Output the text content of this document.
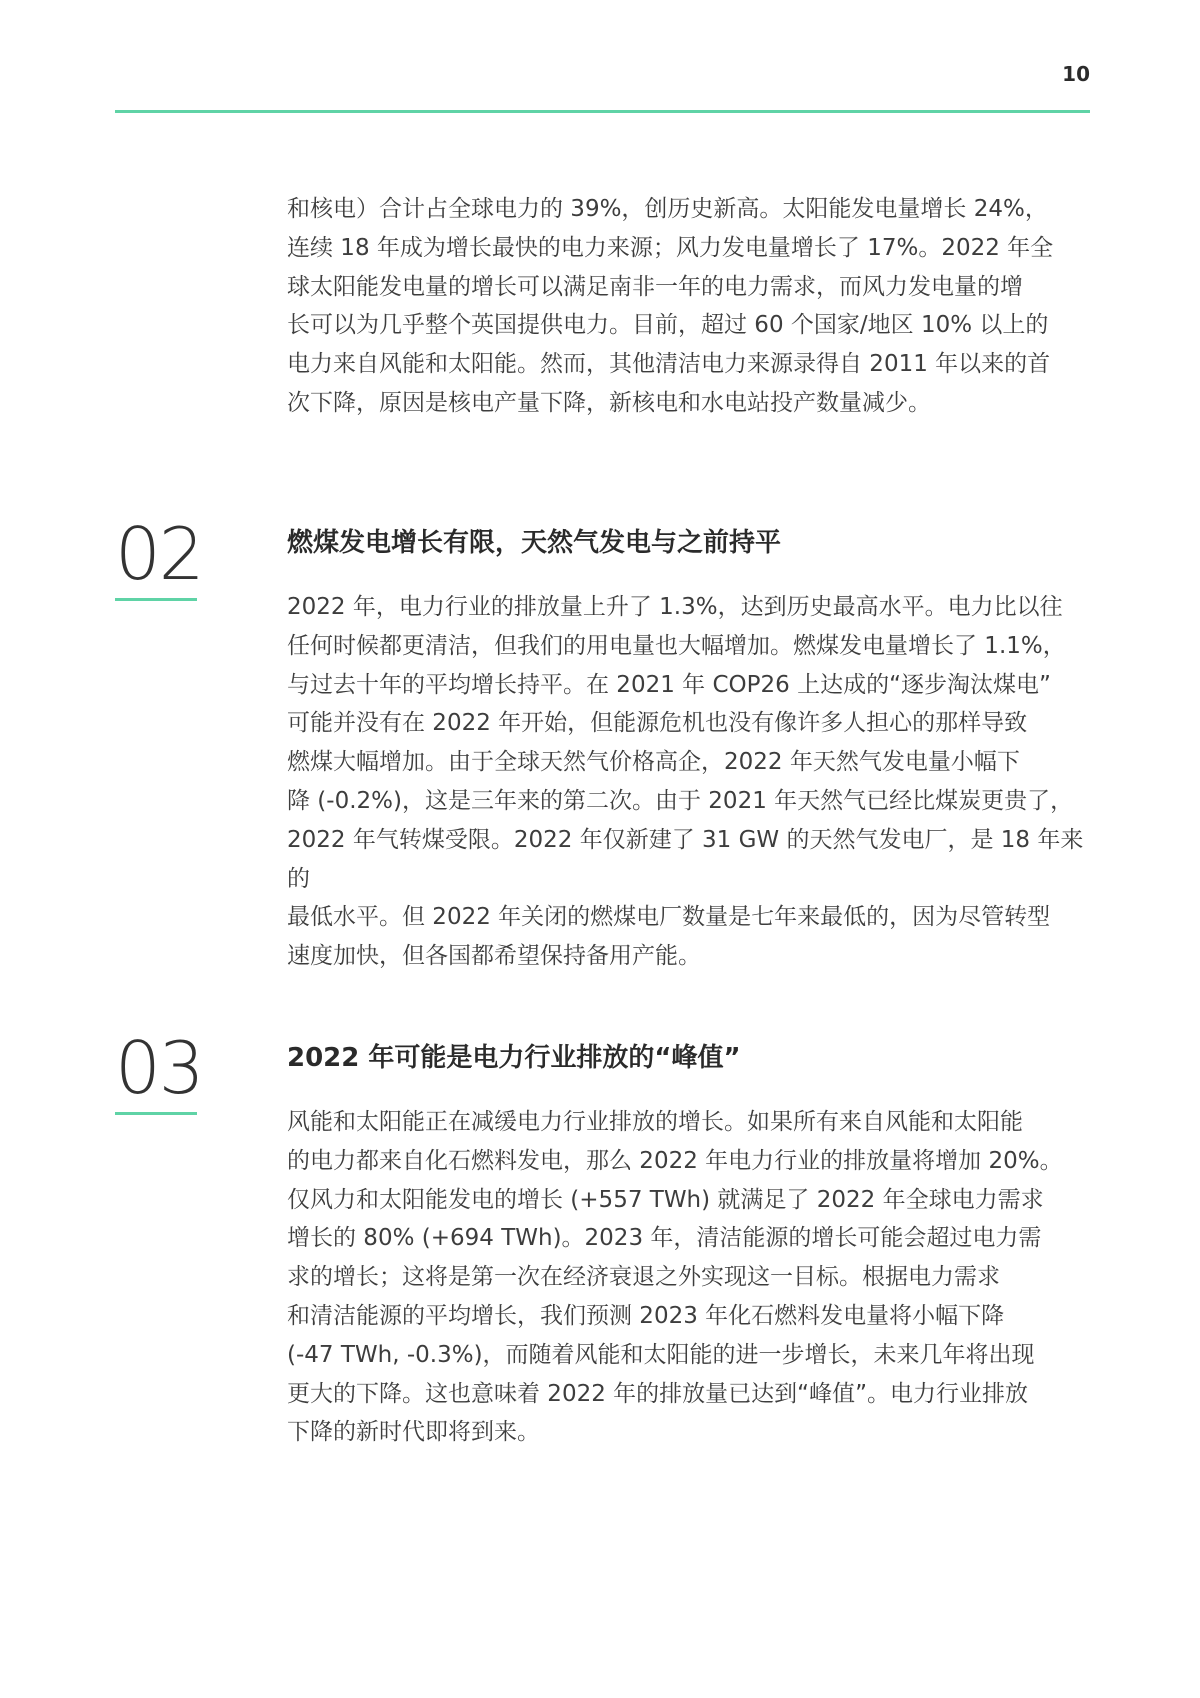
10

和核电）合计占全球电力的 39%，创历史新高。太阳能发电量增长 24%，

连续 18 年成为增长最快的电力来源；风力发电量增长了 17%。2022 年全

球太阳能发电量的增长可以满足南非一年的电力需求，而风力发电量的增

长可以为几乎整个英国提供电力。目前，超过 60 个国家/地区 10% 以上的

电力来自风能和太阳能。然而，其他清洁电力来源录得自 2011 年以来的首

次下降，原因是核电产量下降，新核电和水电站投产数量减少。

02	燃煤发电增长有限，天然气发电与之前持平

2022 年，电力行业的排放量上升了 1.3%，达到历史最高水平。电力比以往

任何时候都更清洁，但我们的用电量也大幅增加。燃煤发电量增长了 1.1%，

与过去十年的平均增长持平。在 2021 年 COP26 上达成的“逐步淘汰煤电”

可能并没有在 2022 年开始，但能源危机也没有像许多人担心的那样导致

燃煤大幅增加。由于全球天然气价格高企，2022 年天然气发电量小幅下

降 (-0.2%)，这是三年来的第二次。由于 2021 年天然气已经比煤炭更贵了，

2022 年气转煤受限。2022 年仅新建了 31 GW 的天然气发电厂，是 18 年来的

最低水平。但 2022 年关闭的燃煤电厂数量是七年来最低的，因为尽管转型

速度加快，但各国都希望保持备用产能。

03	2022 年可能是电力行业排放的“峰值”

风能和太阳能正在减缓电力行业排放的增长。如果所有来自风能和太阳能

的电力都来自化石燃料发电，那么 2022 年电力行业的排放量将增加 20%。

仅风力和太阳能发电的增长 (+557 TWh) 就满足了 2022 年全球电力需求

增长的 80% (+694 TWh)。2023 年，清洁能源的增长可能会超过电力需

求的增长；这将是第一次在经济衰退之外实现这一目标。根据电力需求

和清洁能源的平均增长，我们预测 2023 年化石燃料发电量将小幅下降

(-47 TWh, -0.3%)，而随着风能和太阳能的进一步增长，未来几年将出现

更大的下降。这也意味着 2022 年的排放量已达到“峰值”。电力行业排放

下降的新时代即将到来。
